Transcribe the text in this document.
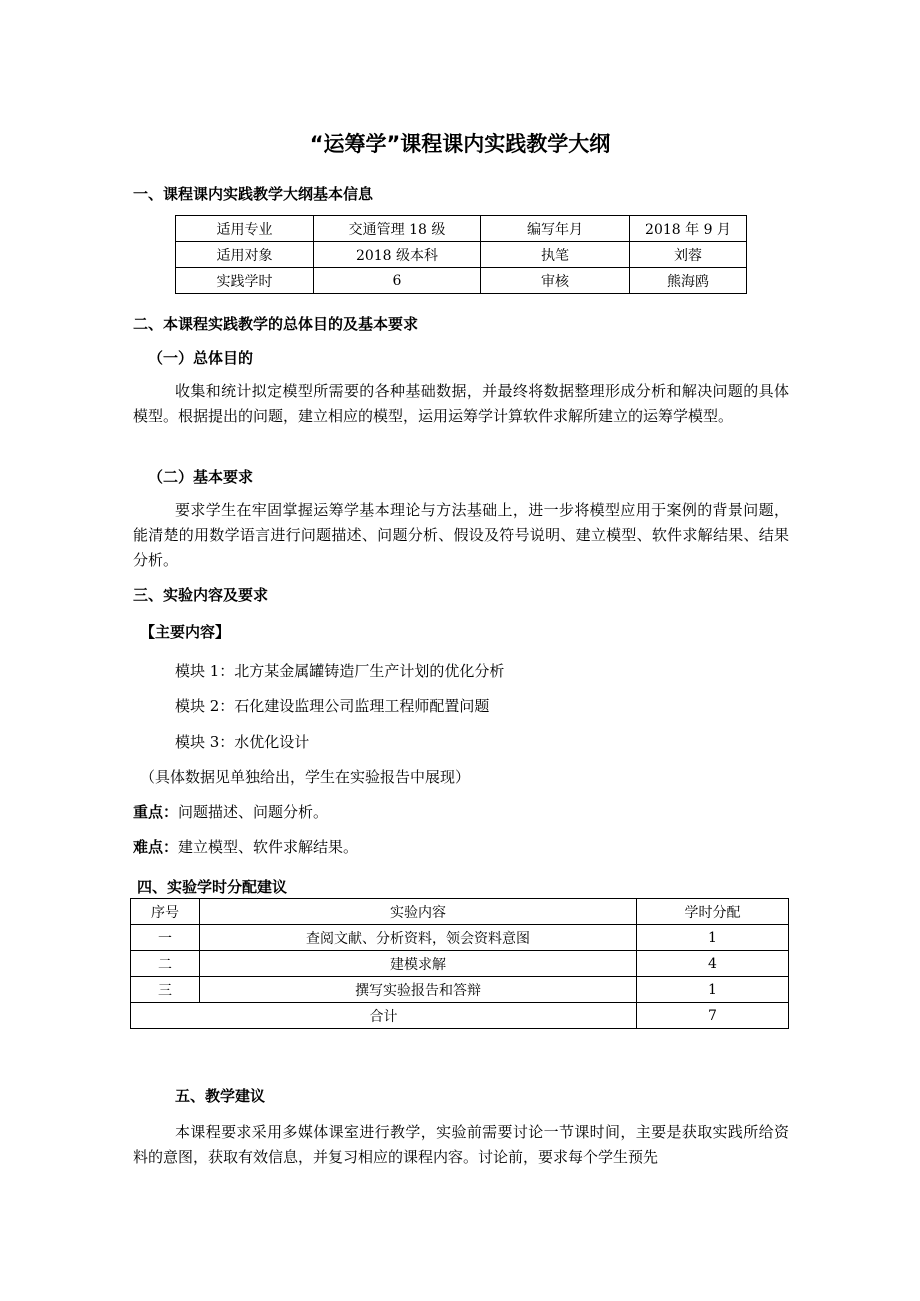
“运筹学”课程课内实践教学大纲
一、课程课内实践教学大纲基本信息
适用专业	交通管理 18 级	编写年月	2018 年 9 月
适用对象	2018 级本科	执笔	刘蓉
实践学时	6	审核	熊海鸥
二、本课程实践教学的总体目的及基本要求
（一）总体目的
收集和统计拟定模型所需要的各种基础数据，并最终将数据整理形成分析和解决问题的具体模型。根据提出的问题，建立相应的模型，运用运筹学计算软件求解所建立的运筹学模型。
（二）基本要求
要求学生在牢固掌握运筹学基本理论与方法基础上，进一步将模型应用于案例的背景问题，能清楚的用数学语言进行问题描述、问题分析、假设及符号说明、建立模型、软件求解结果、结果分析。
三、实验内容及要求
【主要内容】
模块 1：北方某金属罐铸造厂生产计划的优化分析
模块 2：石化建设监理公司监理工程师配置问题
模块 3：水优化设计
（具体数据见单独给出，学生在实验报告中展现）
重点：问题描述、问题分析。
难点：建立模型、软件求解结果。
四、实验学时分配建议
序号	实验内容	学时分配
一	查阅文献、分析资料，领会资料意图	1
二	建模求解	4
三	撰写实验报告和答辩	1
合计		7
五、教学建议
本课程要求采用多媒体课室进行教学，实验前需要讨论一节课时间，主要是获取实践所给资料的意图，获取有效信息，并复习相应的课程内容。讨论前，要求每个学生预先
